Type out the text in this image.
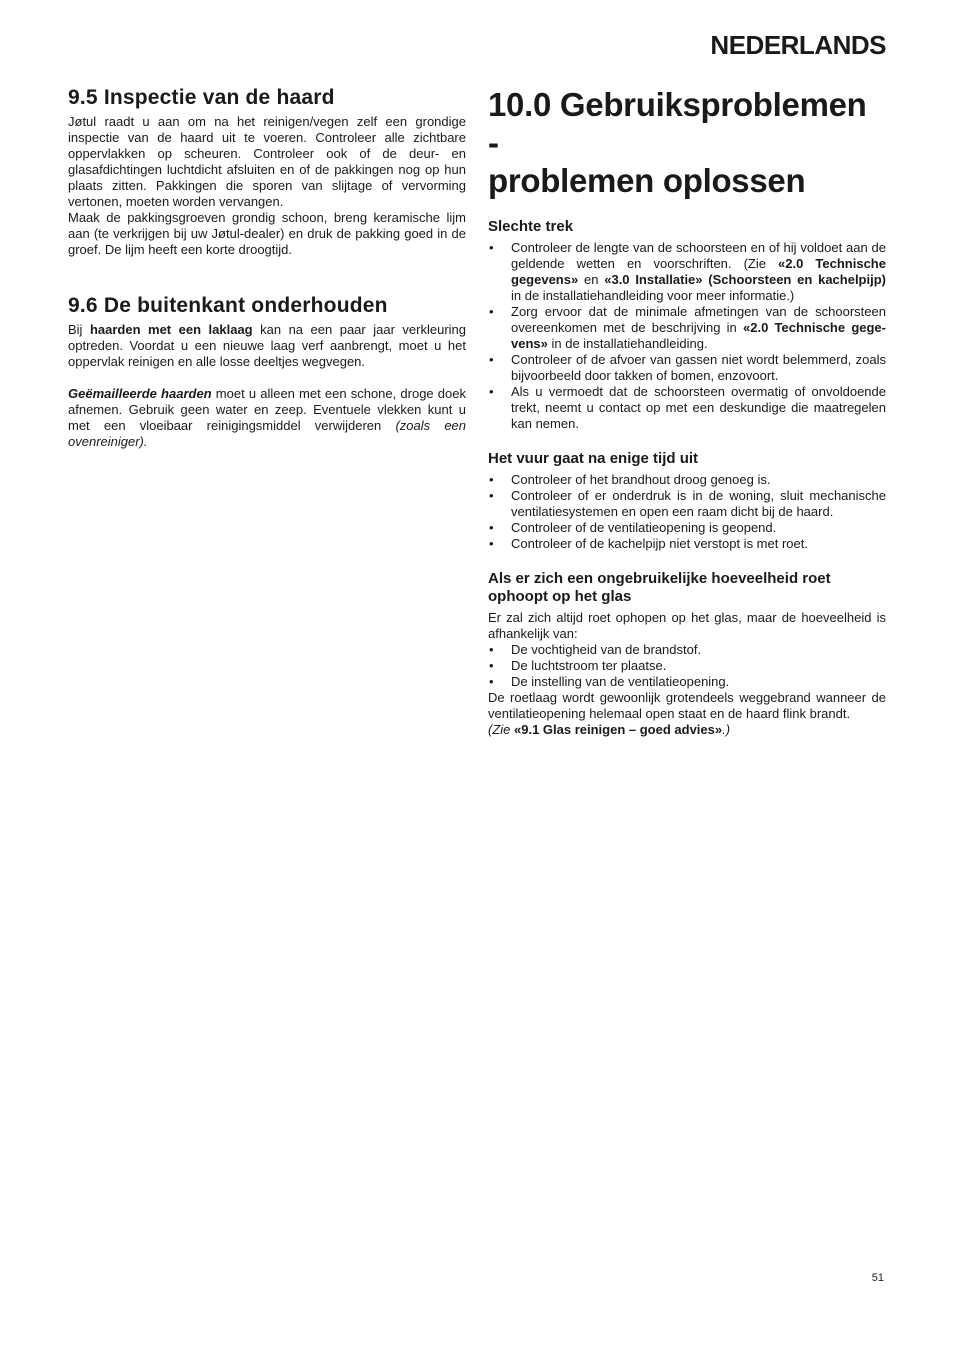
NEDERLANDS
9.5 Inspectie van de haard

Jøtul raadt u aan om na het reinigen/vegen zelf een grondige inspectie van de haard uit te voeren. Controleer alle zichtbare oppervlakken op scheuren. Controleer ook of de deur- en glasafdichtingen luchtdicht afsluiten en of de pakkingen nog op hun plaats zitten. Pakkingen die sporen van slijtage of vervorming vertonen, moeten worden vervangen.

Maak de pakkingsgroeven grondig schoon, breng keramische lijm aan (te verkrijgen bij uw Jøtul-dealer) en druk de pakking goed in de groef. De lijm heeft een korte droogtijd.

9.6 De buitenkant onderhouden

Bij haarden met een laklaag kan na een paar jaar verkleuring optreden. Voordat u een nieuwe laag verf aanbrengt, moet u het oppervlak reinigen en alle losse deeltjes wegvegen.

Geëmailleerde haarden moet u alleen met een schone, droge doek afnemen. Gebruik geen water en zeep. Eventuele vlekken kunt u met een vloeibaar reinigingsmiddel verwijderen (zoals een ovenreiniger).

10.0 Gebruiksproblemen -
problemen oplossen
Slechte trek
• Controleer de lengte van de schoorsteen en of hij voldoet aan de geldende wetten en voorschriften. (Zie «2.0 Technische gegevens» en «3.0 Installatie» (Schoorsteen en kachelpijp) in de installatiehandleiding voor meer informatie.)
• Zorg ervoor dat de minimale afmetingen van de schoorsteen overeenkomen met de beschrijving in «2.0 Technische gege-vens» in de installatiehandleiding.
• Controleer of de afvoer van gassen niet wordt belemmerd, zoals bijvoorbeeld door takken of bomen, enzovoort.
• Als u vermoedt dat de schoorsteen overmatig of onvoldoende trekt, neemt u contact op met een deskundige die maatregelen kan nemen.
Het vuur gaat na enige tijd uit
• Controleer of het brandhout droog genoeg is.
• Controleer of er onderdruk is in de woning, sluit mechanische ventilatiesystemen en open een raam dicht bij de haard.
• Controleer of de ventilatieopening is geopend.
• Controleer of de kachelpijp niet verstopt is met roet.
Als er zich een ongebruikelijke hoeveelheid roet ophoopt op het glas

Er zal zich altijd roet ophopen op het glas, maar de hoeveelheid is afhankelijk van:

• De vochtigheid van de brandstof.
• De luchtstroom ter plaatse.
• De instelling van de ventilatieopening.

De roetlaag wordt gewoonlijk grotendeels weggebrand wanneer de ventilatieopening helemaal open staat en de haard flink brandt.

(Zie «9.1 Glas reinigen – goed advies».)

51
